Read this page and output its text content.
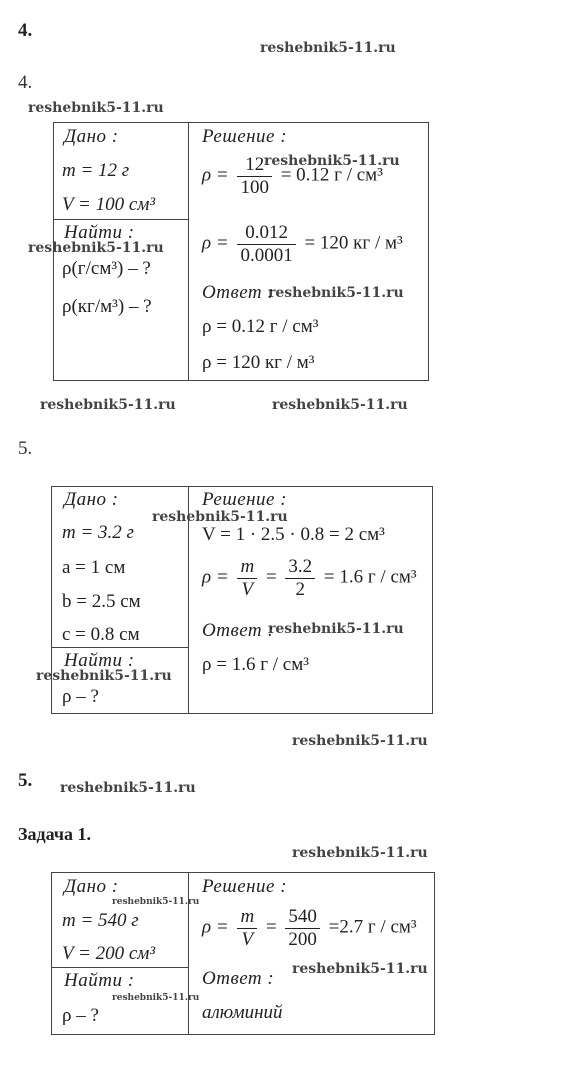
4.
4.
5.
5.
Задача 1.
reshebnik5-11.ru
reshebnik5-11.ru
reshebnik5-11.ru
reshebnik5-11.ru
reshebnik5-11.ru
reshebnik5-11.ru	reshebnik5-11.ru
reshebnik5-11.ru
reshebnik5-11.ru
reshebnik5-11.ru
reshebnik5-11.ru
reshebnik5-11.ru
reshebnik5-11.ru
reshebnik5-11.ru
reshebnik5-11.ru
reshebnik5-11.ru
Дано :
m = 12 г
V = 100 см³
Найти :
ρ(г/см³) – ?
ρ(кг/м³) – ?
Решение :
$\rho = \frac{12}{100} = 0.12$ г / см³
$\rho = \frac{0.012}{0.0001} = 120$ кг / м³
Ответ :
ρ = 0.12 г / см³
ρ = 120 кг / м³
Дано :
m = 3.2 г
a = 1 см
b = 2.5 см
c = 0.8 см
Найти :
ρ – ?
Решение :
V = 1 · 2.5 · 0.8 = 2 см³
$\rho = \frac{m}{V} = \frac{3.2}{2} = 1.6$ г / см³
Ответ :
ρ = 1.6 г / см³
Дано :
m = 540 г
V = 200 см³
Найти :
ρ – ?
Решение :
$\rho = \frac{m}{V} = \frac{540}{200} =2.7$ г / см³
Ответ :
алюминий
